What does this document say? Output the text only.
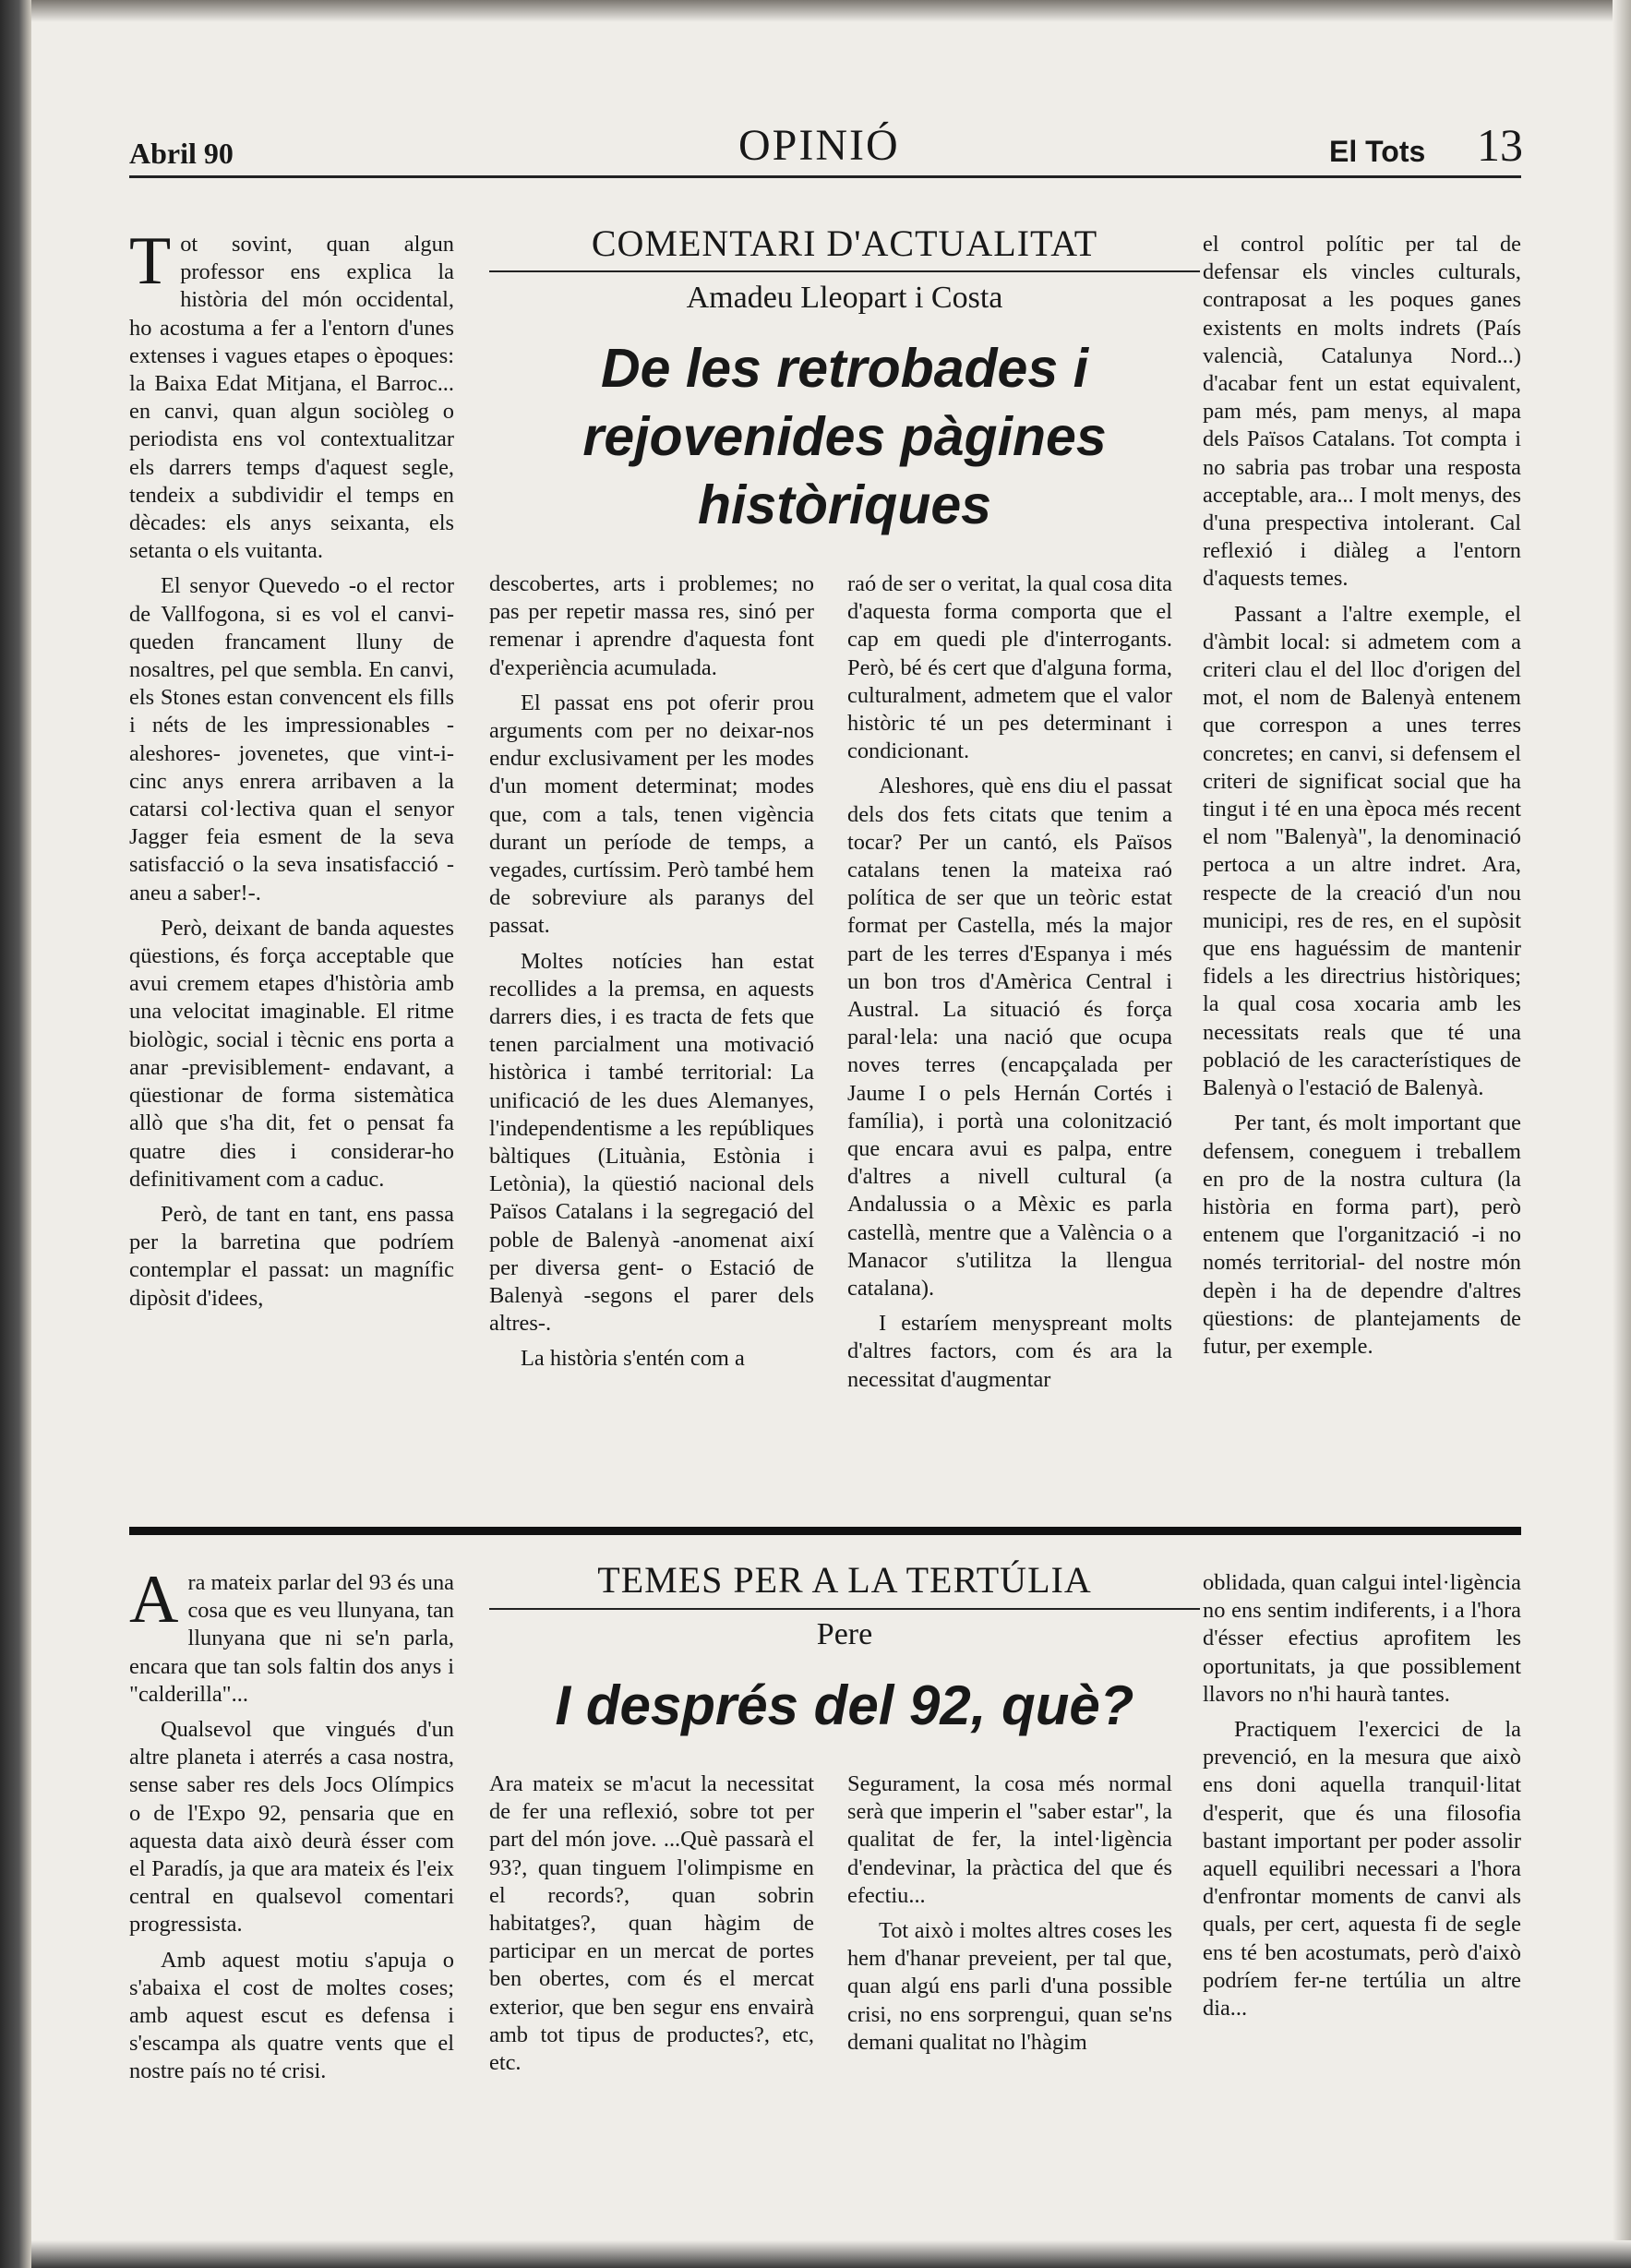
Abril 90	OPINIÓ	El Tots 13

Tot sovint, quan algun professor ens explica la història del món occidental, ho acostuma a fer a l'entorn d'unes extenses i vagues etapes o èpoques: la Baixa Edat Mitjana, el Barroc... en canvi, quan algun sociòleg o periodista ens vol contextualitzar els darrers temps d'aquest segle, tendeix a subdividir el temps en dècades: els anys seixanta, els setanta o els vuitanta.

El senyor Quevedo -o el rector de Vallfogona, si es vol el canvi- queden francament lluny de nosaltres, pel que sembla. En canvi, els Stones estan convencent els fills i néts de les impressionables -aleshores- jovenetes, que vint-i-cinc anys enrera arribaven a la catarsi col·lectiva quan el senyor Jagger feia esment de la seva satisfacció o la seva insatisfacció -aneu a saber!-.

Però, deixant de banda aquestes qüestions, és força acceptable que avui cremem etapes d'història amb una velocitat imaginable. El ritme biològic, social i tècnic ens porta a anar -previsiblement- endavant, a qüestionar de forma sistemàtica allò que s'ha dit, fet o pensat fa quatre dies i considerar-ho definitivament com a caduc.

Però, de tant en tant, ens passa per la barretina que podríem contemplar el passat: un magnífic dipòsit d'idees,

COMENTARI D'ACTUALITAT
Amadeu Lleopart i Costa
De les retrobades i
rejovenides pàgines
històriques

descobertes, arts i problemes; no pas per repetir massa res, sinó per remenar i aprendre d'aquesta font d'experiència acumulada.

El passat ens pot oferir prou arguments com per no deixar-nos endur exclusivament per les modes d'un moment determinat; modes que, com a tals, tenen vigència durant un període de temps, a vegades, curtíssim. Però també hem de sobreviure als paranys del passat.

Moltes notícies han estat recollides a la premsa, en aquests darrers dies, i es tracta de fets que tenen parcialment una motivació històrica i també territorial: La unificació de les dues Alemanyes, l'independentisme a les repúbliques bàltiques (Lituània, Estònia i Letònia), la qüestió nacional dels Països Catalans i la segregació del poble de Balenyà -anomenat així per diversa gent- o Estació de Balenyà -segons el parer dels altres-.

La història s'entén com a

raó de ser o veritat, la qual cosa dita d'aquesta forma comporta que el cap em quedi ple d'interrogants. Però, bé és cert que d'alguna forma, culturalment, admetem que el valor històric té un pes determinant i condicionant.

Aleshores, què ens diu el passat dels dos fets citats que tenim a tocar? Per un cantó, els Països catalans tenen la mateixa raó política de ser que un teòric estat format per Castella, més la major part de les terres d'Espanya i més un bon tros d'Amèrica Central i Austral. La situació és força paral·lela: una nació que ocupa noves terres (encapçalada per Jaume I o pels Hernán Cortés i família), i portà una colonització que encara avui es palpa, entre d'altres a nivell cultural (a Andalussia o a Mèxic es parla castellà, mentre que a València o a Manacor s'utilitza la llengua catalana).

I estaríem menyspreant molts d'altres factors, com és ara la necessitat d'augmentar

el control polític per tal de defensar els vincles culturals, contraposat a les poques ganes existents en molts indrets (País valencià, Catalunya Nord...) d'acabar fent un estat equivalent, pam més, pam menys, al mapa dels Països Catalans. Tot compta i no sabria pas trobar una resposta acceptable, ara... I molt menys, des d'una prespectiva intolerant. Cal reflexió i diàleg a l'entorn d'aquests temes.

Passant a l'altre exemple, el d'àmbit local: si admetem com a criteri clau el del lloc d'origen del mot, el nom de Balenyà entenem que correspon a unes terres concretes; en canvi, si defensem el criteri de significat social que ha tingut i té en una època més recent el nom "Balenyà", la denominació pertoca a un altre indret. Ara, respecte de la creació d'un nou municipi, res de res, en el supòsit que ens haguéssim de mantenir fidels a les directrius històriques; la qual cosa xocaria amb les necessitats reals que té una població de les característiques de Balenyà o l'estació de Balenyà.

Per tant, és molt important que defensem, coneguem i treballem en pro de la nostra cultura (la història en forma part), però entenem que l'organització -i no només territorial- del nostre món depèn i ha de dependre d'altres qüestions: de plantejaments de futur, per exemple.

Ara mateix parlar del 93 és una cosa que es veu llunyana, tan llunyana que ni se'n parla, encara que tan sols faltin dos anys i "calderilla"...

Qualsevol que vingués d'un altre planeta i aterrés a casa nostra, sense saber res dels Jocs Olímpics o de l'Expo 92, pensaria que en aquesta data això deurà ésser com el Paradís, ja que ara mateix és l'eix central en qualsevol comentari progressista.

Amb aquest motiu s'apuja o s'abaixa el cost de moltes coses; amb aquest escut es defensa i s'escampa als quatre vents que el nostre país no té crisi.

TEMES PER A LA TERTÚLIA
Pere
I després del 92, què?

Ara mateix se m'acut la necessitat de fer una reflexió, sobre tot per part del món jove. ...Què passarà el 93?, quan tinguem l'olimpisme en el records?, quan sobrin habitatges?, quan hàgim de participar en un mercat de portes ben obertes, com és el mercat exterior, que ben segur ens envairà amb tot tipus de productes?, etc, etc.

Segurament, la cosa més normal serà que imperin el "saber estar", la qualitat de fer, la intel·ligència d'endevinar, la pràctica del que és efectiu...

Tot això i moltes altres coses les hem d'hanar preveient, per tal que, quan algú ens parli d'una possible crisi, no ens sorprengui, quan se'ns demani qualitat no l'hàgim

oblidada, quan calgui intel·ligència no ens sentim indiferents, i a l'hora d'ésser efectius aprofitem les oportunitats, ja que possiblement llavors no n'hi haurà tantes.

Practiquem l'exercici de la prevenció, en la mesura que això ens doni aquella tranquil·litat d'esperit, que és una filosofia bastant important per poder assolir aquell equilibri necessari a l'hora d'enfrontar moments de canvi als quals, per cert, aquesta fi de segle ens té ben acostumats, però d'això podríem fer-ne tertúlia un altre dia...
